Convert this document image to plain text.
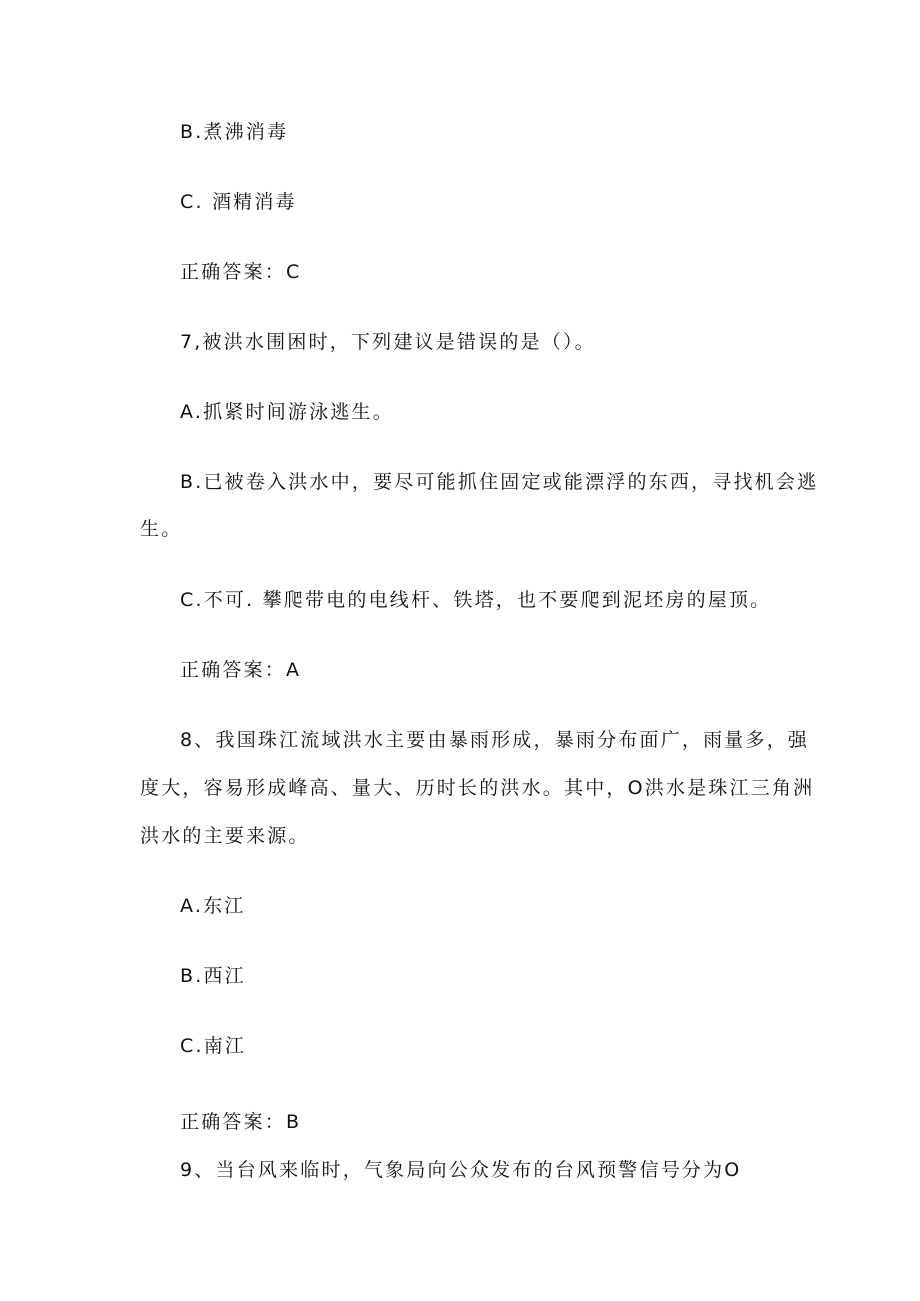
B.煮沸消毒
C. 酒精消毒
正确答案：C
7,被洪水围困时，下列建议是错误的是（）。
A.抓紧时间游泳逃生。
B.已被卷入洪水中，要尽可能抓住固定或能漂浮的东西，寻找机会逃
生。
C.不可. 攀爬带电的电线杆、铁塔，也不要爬到泥坯房的屋顶。
正确答案：A
8、我国珠江流域洪水主要由暴雨形成，暴雨分布面广，雨量多，强
度大，容易形成峰高、量大、历时长的洪水。其中，O洪水是珠江三角洲
洪水的主要来源。
A.东江
B.西江
C.南江
正确答案：B
9、当台风来临时，气象局向公众发布的台风预警信号分为O
